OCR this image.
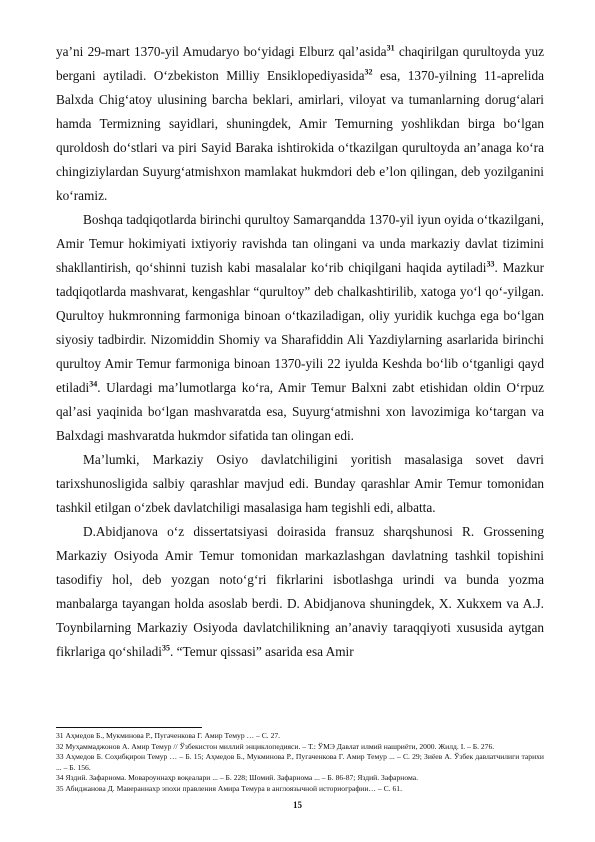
ya’ni 29-mart 1370-yil Amudaryo bo‘yidagi Elburz qal’asida$^{31}$ chaqirilgan qurultoyda yuz bergani aytiladi. O‘zbekiston Milliy Ensiklopediyasida$^{32}$ esa, 1370-yilning 11-aprelida Balxda Chig‘atoy ulusining barcha beklari, amirlari, viloyat va tumanlarning dorug‘alari hamda Termizning sayidlari, shuningdek, Amir Temurning yoshlikdan birga bo‘lgan quroldosh do‘stlari va piri Sayid Baraka ishtirokida o‘tkazilgan qurultoyda an’anaga ko‘ra chingiziylardan Suyurg‘atmishxon mamlakat hukmdori deb e’lon qilingan, deb yozilganini ko‘ramiz.

Boshqa tadqiqotlarda birinchi qurultoy Samarqandda 1370-yil iyun oyida o‘tkazilgani, Amir Temur hokimiyati ixtiyoriy ravishda tan olingani va unda markaziy davlat tizimini shakllantirish, qo‘shinni tuzish kabi masalalar ko‘rib chiqilgani haqida aytiladi$^{33}$. Mazkur tadqiqotlarda mashvarat, kengashlar “qurultoy” deb chalkashtirilib, xatoga yo‘l qo‘-yilgan. Qurultoy hukmronning farmoniga binoan o‘tkaziladigan, oliy yuridik kuchga ega bo‘lgan siyosiy tadbirdir. Nizomiddin Shomiy va Sharafiddin Ali Yazdiylarning asarlarida birinchi qurultoy Amir Temur farmoniga binoan 1370-yili 22 iyulda Keshda bo‘lib o‘tganligi qayd etiladi$^{34}$. Ulardagi ma’lumotlarga ko‘ra, Amir Temur Balxni zabt etishidan oldin O‘rpuz qal’asi yaqinida bo‘lgan mashvaratda esa, Suyurg‘atmishni xon lavozimiga ko‘targan va Balxdagi mashvaratda hukmdor sifatida tan olingan edi.

Ma’lumki, Markaziy Osiyo davlatchiligini yoritish masalasiga sovet davri tarixshunosligida salbiy qarashlar mavjud edi. Bunday qarashlar Amir Temur tomonidan tashkil etilgan o‘zbek davlatchiligi masalasiga ham tegishli edi, albatta.

D.Abidjanova o‘z dissertatsiyasi doirasida fransuz sharqshunosi R. Grossening Markaziy Osiyoda Amir Temur tomonidan markazlashgan davlatning tashkil topishini tasodifiy hol, deb yozgan noto‘g‘ri fikrlarini isbotlashga urindi va bunda yozma manbalarga tayangan holda asoslab berdi. D. Abidjanova shuningdek, X. Xukxem va A.J. Toynbilarning Markaziy Osiyoda davlatchilikning an’anaviy taraqqiyoti xususida aytgan fikrlariga qo‘shiladi$^{35}$. “Temur qissasi” asarida esa Amir

31 Аҳмедов Б., Мукминова Р., Пугаченкова Г. Амир Темур … – С. 27.

32 Муҳаммаджонов А. Амир Темур // Ўзбекистон миллий энциклопедияси. – Т.: ЎМЭ Давлат илмий нашриёти, 2000. Жилд. I. – Б. 276.

33 Аҳмедов Б. Соҳибқирон Темур … – Б. 15; Аҳмедов Б., Мукминова Р., Пугаченкова Г. Амир Темур ... – С. 29; Зиёев А. Ўзбек давлатчилиги тарихи ... – Б. 156.

34 Яздий. Зафарнома. Мовароуннаҳр воқеалари ... – Б. 228; Шомий. Зафарнома ... – Б. 86-87; Яздий. Зафарнома.

35 Абиджанова Д. Мавераннахр эпохи правления Амира Темура в англоязычной историографии… – С. 61.

15
